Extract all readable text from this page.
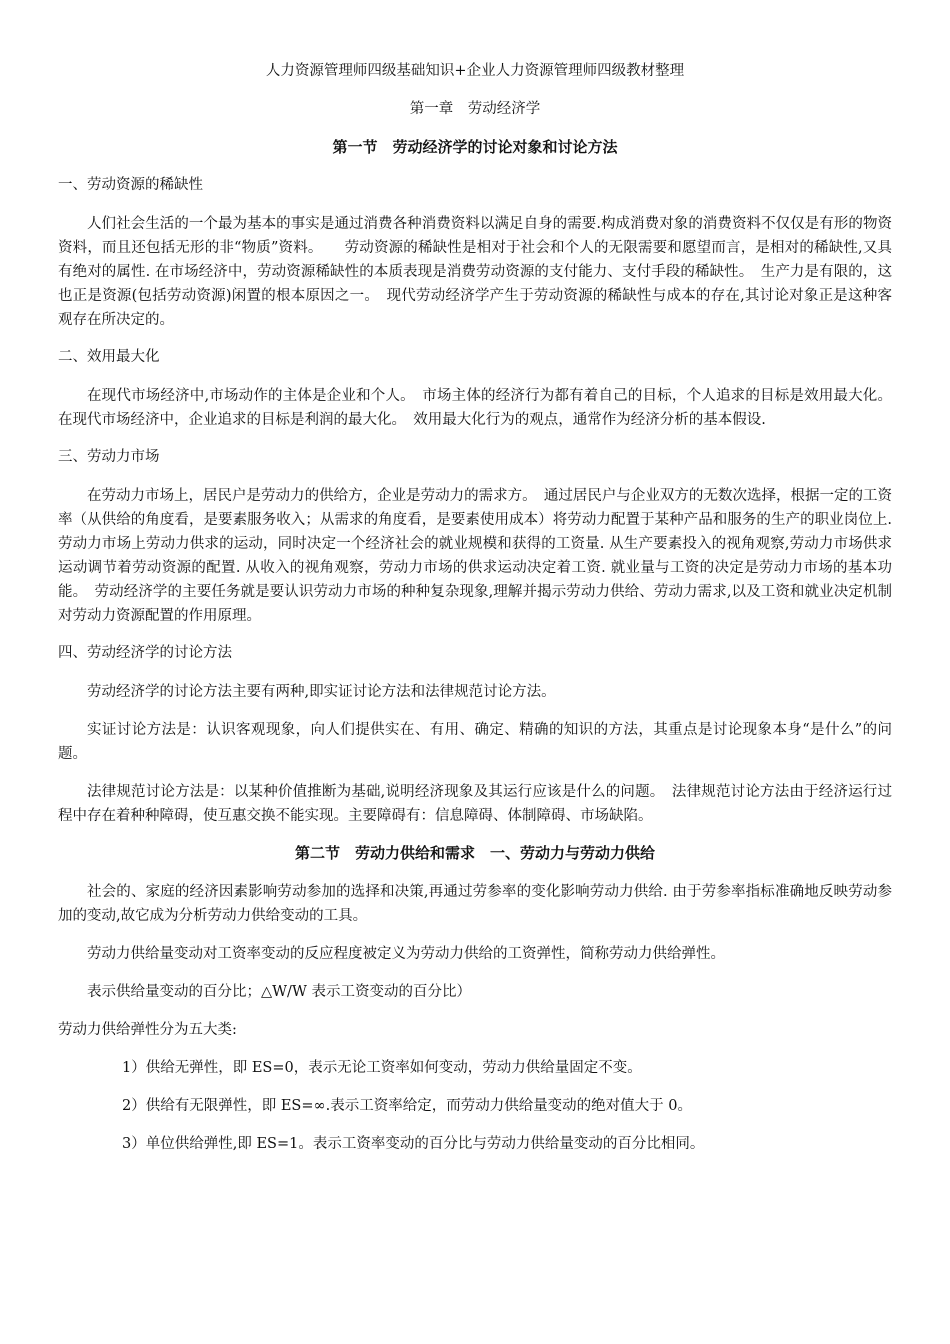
人力资源管理师四级基础知识+企业人力资源管理师四级教材整理
第一章　劳动经济学
第一节　劳动经济学的讨论对象和讨论方法
一、劳动资源的稀缺性

人们社会生活的一个最为基本的事实是通过消费各种消费资料以满足自身的需要.构成消费对象的消费资料不仅仅是有形的物资资料，而且还包括无形的非“物质”资料。　　劳动资源的稀缺性是相对于社会和个人的无限需要和愿望而言，是相对的稀缺性,又具有绝对的属性. 在市场经济中，劳动资源稀缺性的本质表现是消费劳动资源的支付能力、支付手段的稀缺性。　生产力是有限的，这也正是资源(包括劳动资源)闲置的根本原因之一。　现代劳动经济学产生于劳动资源的稀缺性与成本的存在,其讨论对象正是这种客观存在所决定的。

二、效用最大化

在现代市场经济中,市场动作的主体是企业和个人。　市场主体的经济行为都有着自己的目标，个人追求的目标是效用最大化。在现代市场经济中，企业追求的目标是利润的最大化。　效用最大化行为的观点，通常作为经济分析的基本假设.

三、劳动力市场

在劳动力市场上，居民户是劳动力的供给方，企业是劳动力的需求方。　通过居民户与企业双方的无数次选择，根据一定的工资率（从供给的角度看，是要素服务收入；从需求的角度看，是要素使用成本）将劳动力配置于某种产品和服务的生产的职业岗位上. 劳动力市场上劳动力供求的运动，同时决定一个经济社会的就业规模和获得的工资量. 从生产要素投入的视角观察,劳动力市场供求运动调节着劳动资源的配置. 从收入的视角观察，劳动力市场的供求运动决定着工资. 就业量与工资的决定是劳动力市场的基本功能。　劳动经济学的主要任务就是要认识劳动力市场的种种复杂现象,理解并揭示劳动力供给、劳动力需求,以及工资和就业决定机制对劳动力资源配置的作用原理。

四、劳动经济学的讨论方法

劳动经济学的讨论方法主要有两种,即实证讨论方法和法律规范讨论方法。

实证讨论方法是：认识客观现象，向人们提供实在、有用、确定、精确的知识的方法，其重点是讨论现象本身“是什么”的问题。

法律规范讨论方法是：以某种价值推断为基础,说明经济现象及其运行应该是什么的问题。　法律规范讨论方法由于经济运行过程中存在着种种障碍，使互惠交换不能实现。主要障碍有：信息障碍、体制障碍、市场缺陷。

第二节　劳动力供给和需求　一、劳动力与劳动力供给

社会的、家庭的经济因素影响劳动参加的选择和决策,再通过劳参率的变化影响劳动力供给. 由于劳参率指标准确地反映劳动参加的变动,故它成为分析劳动力供给变动的工具。

劳动力供给量变动对工资率变动的反应程度被定义为劳动力供给的工资弹性，简称劳动力供给弹性。

表示供给量变动的百分比；△W/W 表示工资变动的百分比）

劳动力供给弹性分为五大类:

1）供给无弹性，即 ES=0，表示无论工资率如何变动，劳动力供给量固定不变。
2）供给有无限弹性，即 ES=∞.表示工资率给定，而劳动力供给量变动的绝对值大于 0。
3）单位供给弹性,即 ES=1。表示工资率变动的百分比与劳动力供给量变动的百分比相同。
